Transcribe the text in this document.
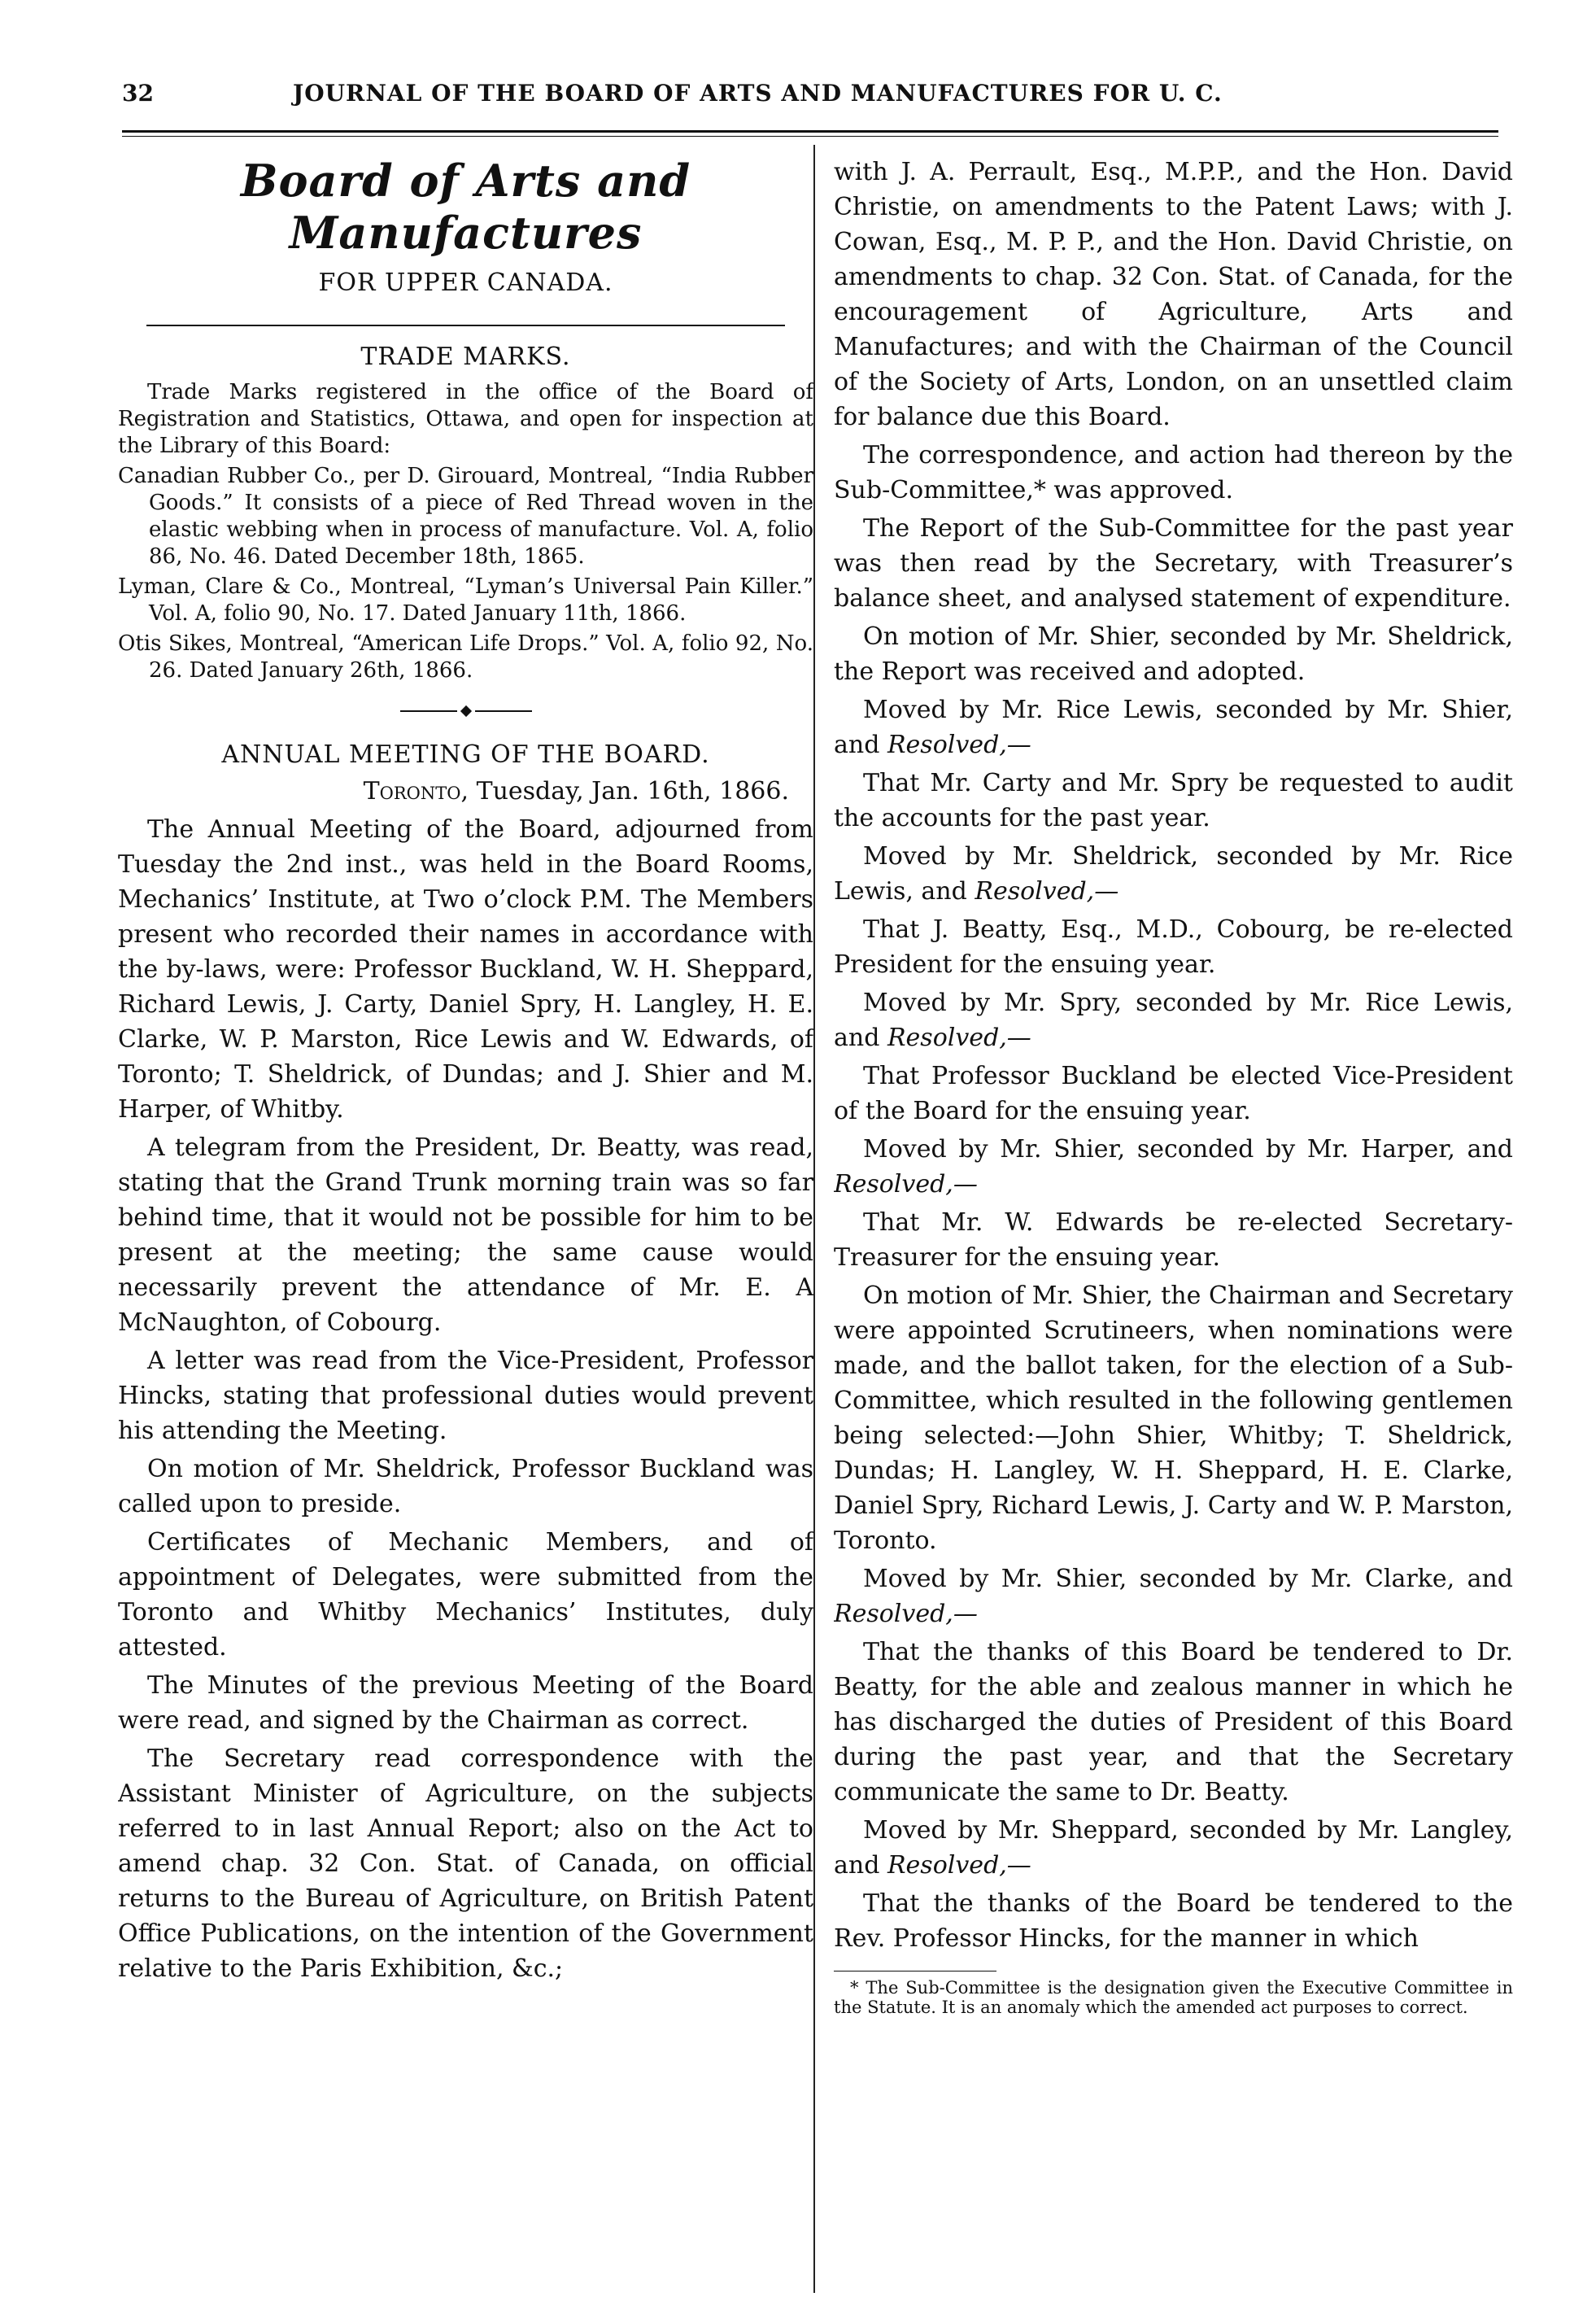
32	JOURNAL OF THE BOARD OF ARTS AND MANUFACTURES FOR U. C.
Board of Arts and Manufactures
FOR UPPER CANADA.
TRADE MARKS.

Trade Marks registered in the office of the Board of Registration and Statistics, Ottawa, and open for inspection at the Library of this Board:

Canadian Rubber Co., per D. Girouard, Montreal, “India Rubber Goods.” It consists of a piece of Red Thread woven in the elastic webbing when in process of manufacture. Vol. A, folio 86, No. 46. Dated December 18th, 1865.
Lyman, Clare & Co., Montreal, “Lyman’s Universal Pain Killer.” Vol. A, folio 90, No. 17. Dated January 11th, 1866.
Otis Sikes, Montreal, “American Life Drops.” Vol. A, folio 92, No. 26. Dated January 26th, 1866.
ANNUAL MEETING OF THE BOARD.
Toronto, Tuesday, Jan. 16th, 1866.

The Annual Meeting of the Board, adjourned from Tuesday the 2nd inst., was held in the Board Rooms, Mechanics’ Institute, at Two o’clock P.M. The Members present who recorded their names in accordance with the by-laws, were: Professor Buckland, W. H. Sheppard, Richard Lewis, J. Carty, Daniel Spry, H. Langley, H. E. Clarke, W. P. Marston, Rice Lewis and W. Edwards, of Toronto; T. Sheldrick, of Dundas; and J. Shier and M. Harper, of Whitby.

A telegram from the President, Dr. Beatty, was read, stating that the Grand Trunk morning train was so far behind time, that it would not be possible for him to be present at the meeting; the same cause would necessarily prevent the attendance of Mr. E. A McNaughton, of Cobourg.

A letter was read from the Vice-President, Professor Hincks, stating that professional duties would prevent his attending the Meeting.

On motion of Mr. Sheldrick, Professor Buckland was called upon to preside.

Certificates of Mechanic Members, and of appointment of Delegates, were submitted from the Toronto and Whitby Mechanics’ Institutes, duly attested.

The Minutes of the previous Meeting of the Board were read, and signed by the Chairman as correct.

The Secretary read correspondence with the Assistant Minister of Agriculture, on the subjects referred to in last Annual Report; also on the Act to amend chap. 32 Con. Stat. of Canada, on official returns to the Bureau of Agriculture, on British Patent Office Publications, on the intention of the Government relative to the Paris Exhibition, &c.;

with J. A. Perrault, Esq., M.P.P., and the Hon. David Christie, on amendments to the Patent Laws; with J. Cowan, Esq., M. P. P., and the Hon. David Christie, on amendments to chap. 32 Con. Stat. of Canada, for the encouragement of Agriculture, Arts and Manufactures; and with the Chairman of the Council of the Society of Arts, London, on an unsettled claim for balance due this Board.

The correspondence, and action had thereon by the Sub-Committee,* was approved.

The Report of the Sub-Committee for the past year was then read by the Secretary, with Treasurer’s balance sheet, and analysed statement of expenditure.

On motion of Mr. Shier, seconded by Mr. Sheldrick, the Report was received and adopted.

Moved by Mr. Rice Lewis, seconded by Mr. Shier, and Resolved,—

That Mr. Carty and Mr. Spry be requested to audit the accounts for the past year.

Moved by Mr. Sheldrick, seconded by Mr. Rice Lewis, and Resolved,—

That J. Beatty, Esq., M.D., Cobourg, be re-elected President for the ensuing year.

Moved by Mr. Spry, seconded by Mr. Rice Lewis, and Resolved,—

That Professor Buckland be elected Vice-President of the Board for the ensuing year.

Moved by Mr. Shier, seconded by Mr. Harper, and Resolved,—

That Mr. W. Edwards be re-elected Secretary-Treasurer for the ensuing year.

On motion of Mr. Shier, the Chairman and Secretary were appointed Scrutineers, when nominations were made, and the ballot taken, for the election of a Sub-Committee, which resulted in the following gentlemen being selected:—John Shier, Whitby; T. Sheldrick, Dundas; H. Langley, W. H. Sheppard, H. E. Clarke, Daniel Spry, Richard Lewis, J. Carty and W. P. Marston, Toronto.

Moved by Mr. Shier, seconded by Mr. Clarke, and Resolved,—

That the thanks of this Board be tendered to Dr. Beatty, for the able and zealous manner in which he has discharged the duties of President of this Board during the past year, and that the Secretary communicate the same to Dr. Beatty.

Moved by Mr. Sheppard, seconded by Mr. Langley, and Resolved,—

That the thanks of the Board be tendered to the Rev. Professor Hincks, for the manner in which

* The Sub-Committee is the designation given the Executive Committee in the Statute. It is an anomaly which the amended act purposes to correct.
